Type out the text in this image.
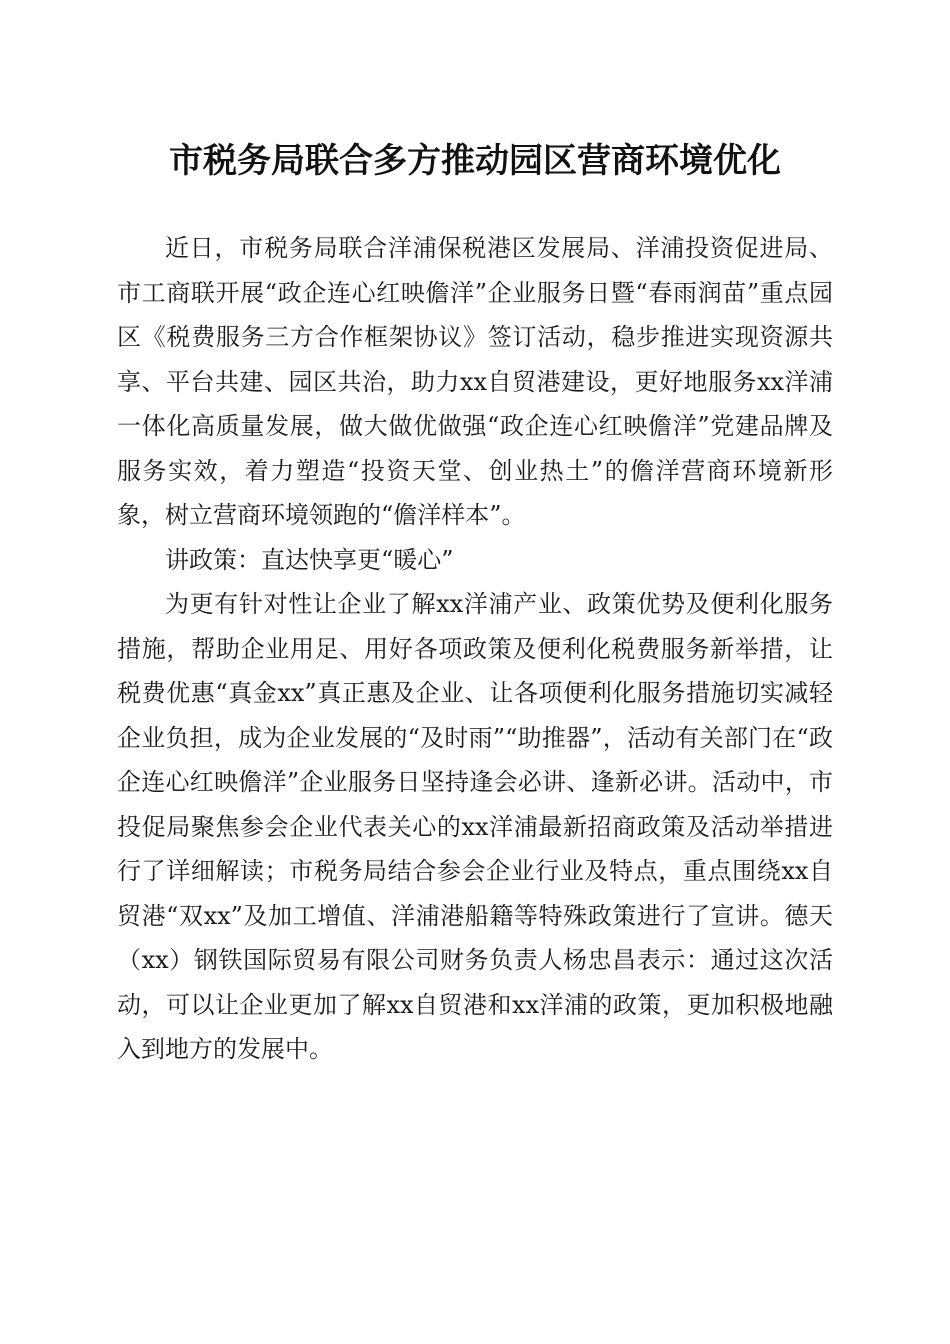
市税务局联合多方推动园区营商环境优化

近日，市税务局联合洋浦保税港区发展局、洋浦投资促进局、市工商联开展“政企连心红映儋洋”企业服务日暨“春雨润苗”重点园区《税费服务三方合作框架协议》签订活动，稳步推进实现资源共享、平台共建、园区共治，助力xx自贸港建设，更好地服务xx洋浦一体化高质量发展，做大做优做强“政企连心红映儋洋”党建品牌及服务实效，着力塑造“投资天堂、创业热土”的儋洋营商环境新形象，树立营商环境领跑的“儋洋样本”。

讲政策：直达快享更“暖心”

为更有针对性让企业了解xx洋浦产业、政策优势及便利化服务措施，帮助企业用足、用好各项政策及便利化税费服务新举措，让税费优惠“真金xx”真正惠及企业、让各项便利化服务措施切实减轻企业负担，成为企业发展的“及时雨”“助推器”，活动有关部门在“政企连心红映儋洋”企业服务日坚持逢会必讲、逢新必讲。活动中，市投促局聚焦参会企业代表关心的xx洋浦最新招商政策及活动举措进行了详细解读；市税务局结合参会企业行业及特点，重点围绕xx自贸港“双xx”及加工增值、洋浦港船籍等特殊政策进行了宣讲。德天（xx）钢铁国际贸易有限公司财务负责人杨忠昌表示：通过这次活动，可以让企业更加了解xx自贸港和xx洋浦的政策，更加积极地融入到地方的发展中。
